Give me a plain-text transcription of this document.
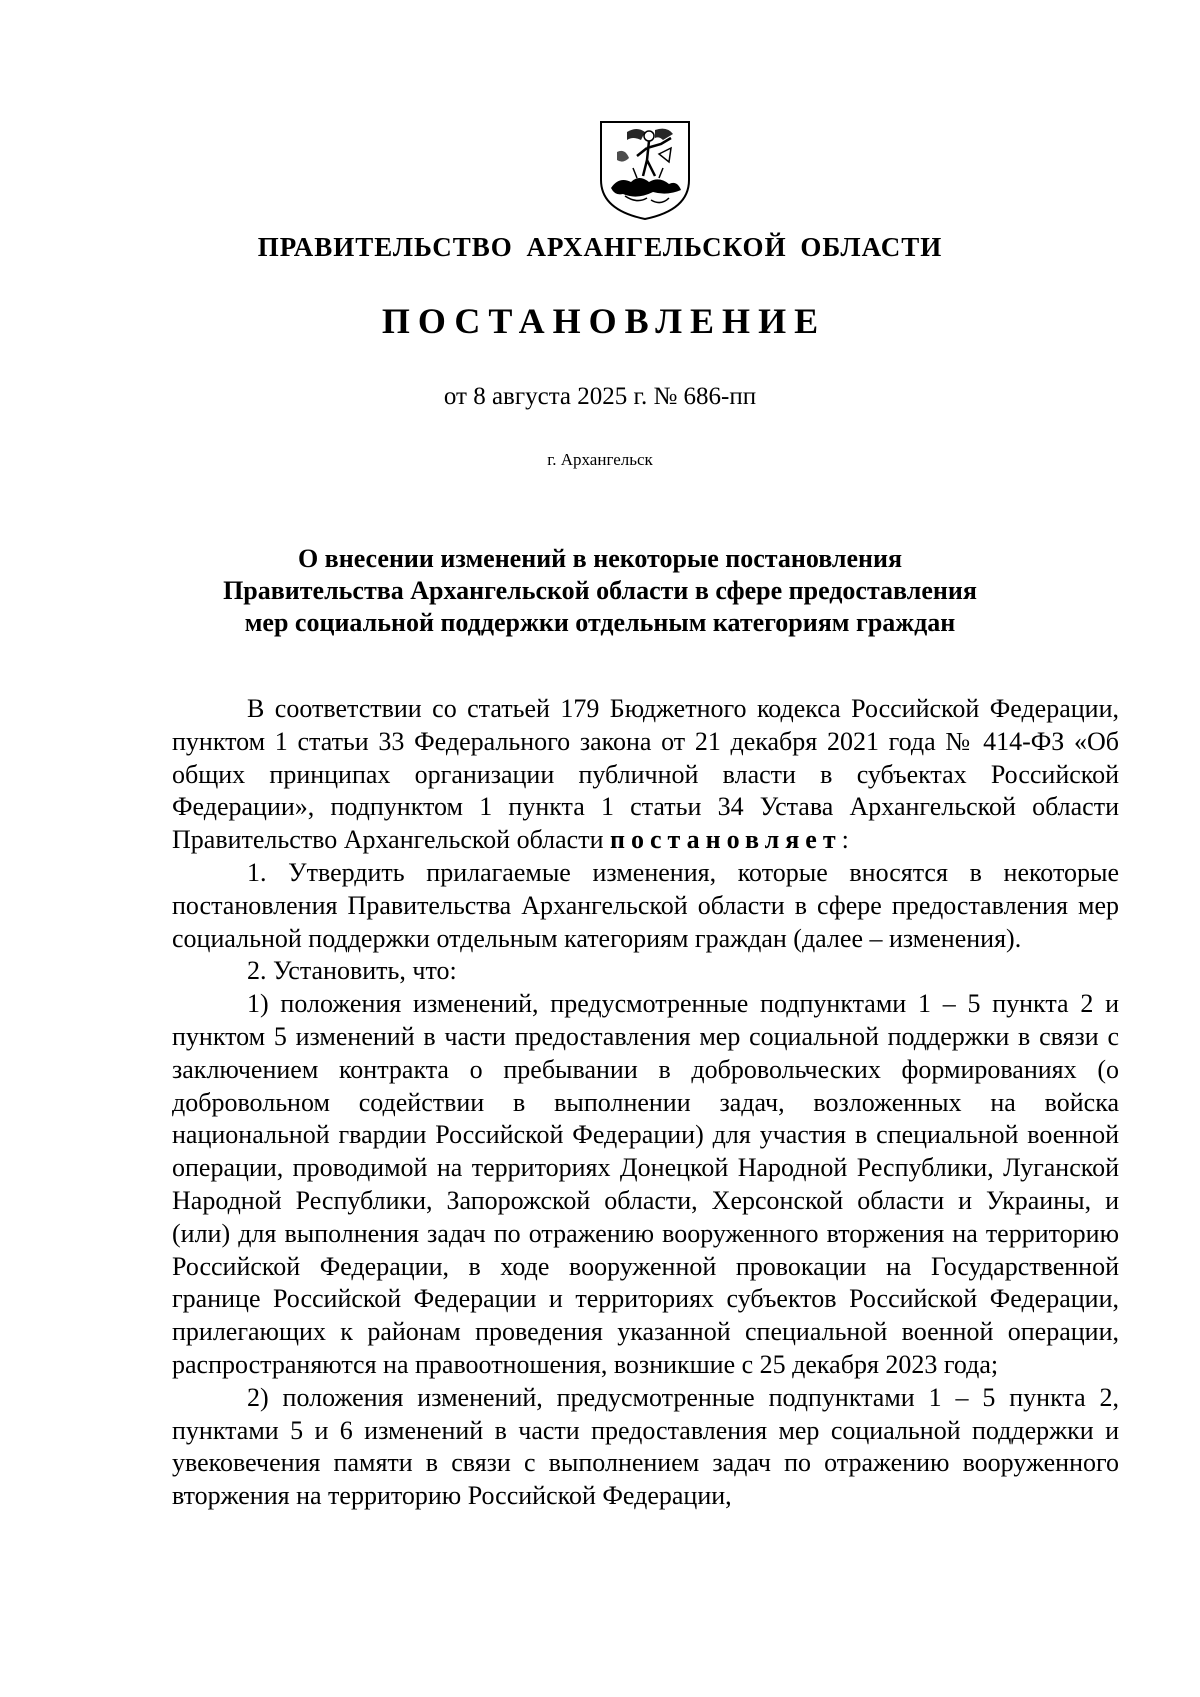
ПРАВИТЕЛЬСТВО АРХАНГЕЛЬСКОЙ ОБЛАСТИ
ПОСТАНОВЛЕНИЕ
от 8 августа 2025 г. № 686-пп
г. Архангельск
О внесении изменений в некоторые постановления
Правительства Архангельской области в сфере предоставления
мер социальной поддержки отдельным категориям граждан

В соответствии со статьей 179 Бюджетного кодекса Российской Федерации, пунктом 1 статьи 33 Федерального закона от 21 декабря 2021 года № 414-ФЗ «Об общих принципах организации публичной власти в субъектах Российской Федерации», подпунктом 1 пункта 1 статьи 34 Устава Архангельской области Правительство Архангельской области постановляет:

1. Утвердить прилагаемые изменения, которые вносятся в некоторые постановления Правительства Архангельской области в сфере предоставления мер социальной поддержки отдельным категориям граждан (далее – изменения).

2. Установить, что:

1) положения изменений, предусмотренные подпунктами 1 – 5 пункта 2 и пунктом 5 изменений в части предоставления мер социальной поддержки в связи с заключением контракта о пребывании в добровольческих формированиях (о добровольном содействии в выполнении задач, возложенных на войска национальной гвардии Российской Федерации) для участия в специальной военной операции, проводимой на территориях Донецкой Народной Республики, Луганской Народной Республики, Запорожской области, Херсонской области и Украины, и (или) для выполнения задач по отражению вооруженного вторжения на территорию Российской Федерации, в ходе вооруженной провокации на Государственной границе Российской Федерации и территориях субъектов Российской Федерации, прилегающих к районам проведения указанной специальной военной операции, распространяются на правоотношения, возникшие с 25 декабря 2023 года;

2) положения изменений, предусмотренные подпунктами 1 – 5 пункта 2, пунктами 5 и 6 изменений в части предоставления мер социальной поддержки и увековечения памяти в связи с выполнением задач по отражению вооруженного вторжения на территорию Российской Федерации,
